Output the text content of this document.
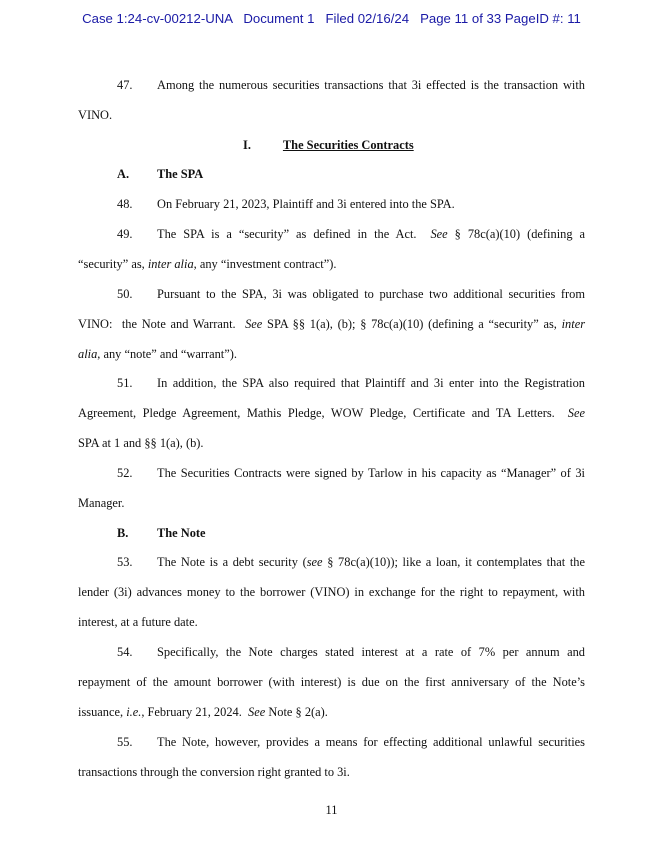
Case 1:24-cv-00212-UNA Document 1 Filed 02/16/24 Page 11 of 33 PageID #: 11
47. Among the numerous securities transactions that 3i effected is the transaction with
VINO.
I.	The Securities Contracts
A. The SPA
48. On February 21, 2023, Plaintiff and 3i entered into the SPA.
49. The SPA is a “security” as defined in the Act. See § 78c(a)(10) (defining a
“security” as, inter alia, any “investment contract”).
50. Pursuant to the SPA, 3i was obligated to purchase two additional securities from
VINO:  the Note and Warrant. See SPA §§ 1(a), (b); § 78c(a)(10) (defining a “security” as, inter
alia, any “note” and “warrant”).
51. In addition, the SPA also required that Plaintiff and 3i enter into the Registration
Agreement, Pledge Agreement, Mathis Pledge, WOW Pledge, Certificate and TA Letters. See
SPA at 1 and §§ 1(a), (b).
52. The Securities Contracts were signed by Tarlow in his capacity as “Manager” of 3i
Manager.
B. The Note
53. The Note is a debt security (see § 78c(a)(10)); like a loan, it contemplates that the
lender (3i) advances money to the borrower (VINO) in exchange for the right to repayment, with
interest, at a future date.
54. Specifically, the Note charges stated interest at a rate of 7% per annum and
repayment of the amount borrower (with interest) is due on the first anniversary of the Note’s
issuance, i.e., February 21, 2024. See Note § 2(a).
55. The Note, however, provides a means for effecting additional unlawful securities
transactions through the conversion right granted to 3i.
11
